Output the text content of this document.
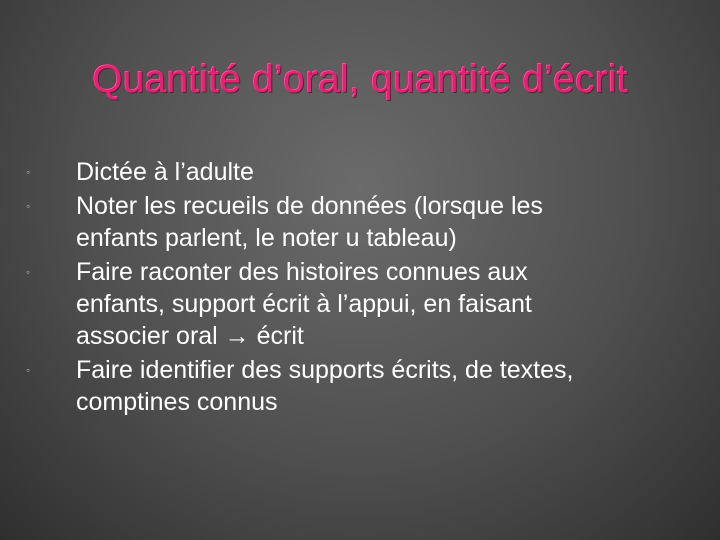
Quantité d’oral, quantité d’écrit
◦	Dictée à l’adulte
◦	Noter les recueils de données (lorsque les
enfants parlent, le noter u tableau)
◦	Faire raconter des histoires connues aux
enfants, support écrit à l’appui, en faisant
associer oral → écrit
◦	Faire identifier des supports écrits, de textes,
comptines connus
